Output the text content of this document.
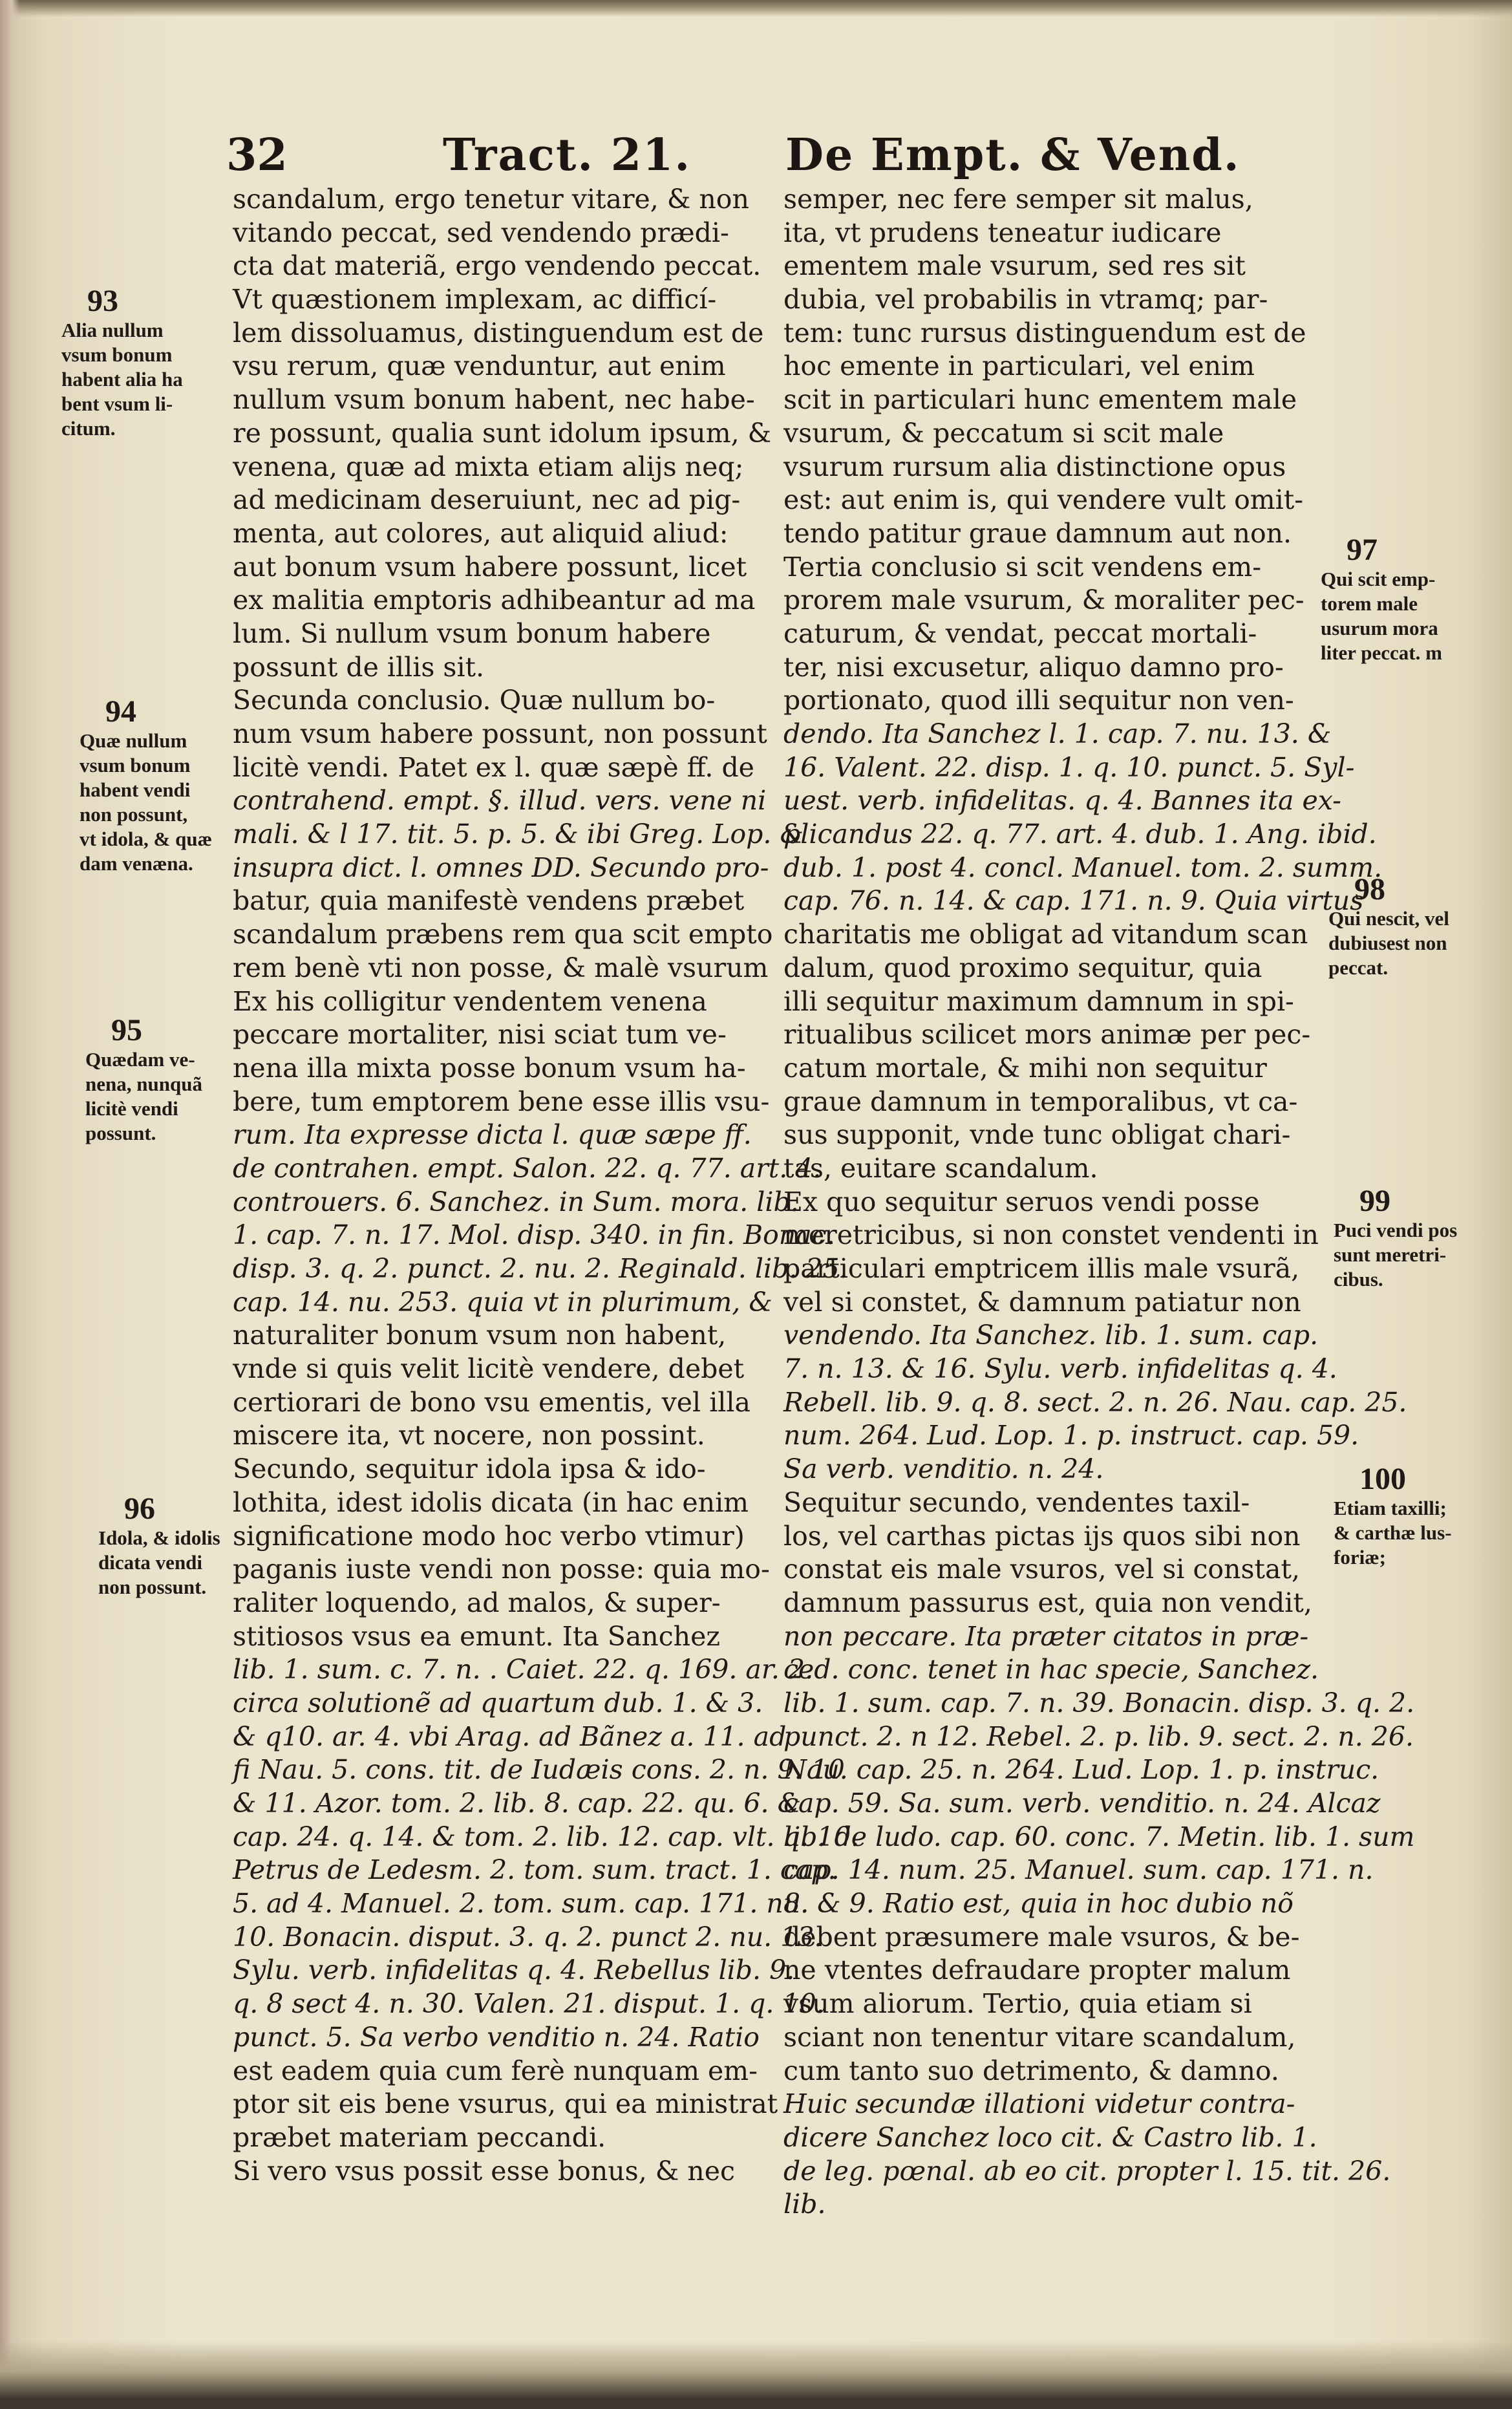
32	Tract. 21. De Empt. & Vend.
scandalum, ergo tenetur vitare, & non
vitando peccat, sed vendendo prædi-
cta dat materiã, ergo vendendo peccat.
Vt quæstionem implexam, ac difficí-
lem dissoluamus, distinguendum est de
vsu rerum, quæ venduntur, aut enim
nullum vsum bonum habent, nec habe-
re possunt, qualia sunt idolum ipsum, &
venena, quæ ad mixta etiam alijs neq;
ad medicinam deseruiunt, nec ad pig-
menta, aut colores, aut aliquid aliud:
aut bonum vsum habere possunt, licet
ex malitia emptoris adhibeantur ad ma
lum. Si nullum vsum bonum habere
possunt de illis sit.
Secunda conclusio. Quæ nullum bo-
num vsum habere possunt, non possunt
licitè vendi. Patet ex l. quæ sæpè ff. de
contrahend. empt. §. illud. vers. vene ni
mali. & l 17. tit. 5. p. 5. & ibi Greg. Lop. &
insupra dict. l. omnes DD. Secundo pro-
batur, quia manifestè vendens præbet
scandalum præbens rem qua scit empto
rem benè vti non posse, & malè vsurum
Ex his colligitur vendentem venena
peccare mortaliter, nisi sciat tum ve-
nena illa mixta posse bonum vsum ha-
bere, tum emptorem bene esse illis vsu-
rum. Ita expresse dicta l. quæ sæpe ff.
de contrahen. empt. Salon. 22. q. 77. art. 4.
controuers. 6. Sanchez. in Sum. mora. lib.
1. cap. 7. n. 17. Mol. disp. 340. in fin. Bonac.
disp. 3. q. 2. punct. 2. nu. 2. Reginald. lib. 25.
cap. 14. nu. 253. quia vt in plurimum, &
naturaliter bonum vsum non habent,
vnde si quis velit licitè vendere, debet
certiorari de bono vsu ementis, vel illa
miscere ita, vt nocere, non possint.
Secundo, sequitur idola ipsa & ido-
lothita, idest idolis dicata (in hac enim
significatione modo hoc verbo vtimur)
paganis iuste vendi non posse: quia mo-
raliter loquendo, ad malos, & super-
stitiosos vsus ea emunt. Ita Sanchez
lib. 1. sum. c. 7. n. . Caiet. 22. q. 169. ar. 2.
circa solutionẽ ad quartum dub. 1. & 3.
& q10. ar. 4. vbi Arag. ad Bãnez a. 11. ad
fi Nau. 5. cons. tit. de Iudæis cons. 2. n. 9. 10
& 11. Azor. tom. 2. lib. 8. cap. 22. qu. 6. &
cap. 24. q. 14. & tom. 2. lib. 12. cap. vlt. q. 10.
Petrus de Ledesm. 2. tom. sum. tract. 1. cap.
5. ad 4. Manuel. 2. tom. sum. cap. 171. nu.
10. Bonacin. disput. 3. q. 2. punct 2. nu. 13.
Sylu. verb. infidelitas q. 4. Rebellus lib. 9.
q. 8 sect 4. n. 30. Valen. 21. disput. 1. q. 10.
punct. 5. Sa verbo venditio n. 24. Ratio
est eadem quia cum ferè nunquam em-
ptor sit eis bene vsurus, qui ea ministrat
præbet materiam peccandi.
Si vero vsus possit esse bonus, & nec
semper, nec fere semper sit malus,
ita, vt prudens teneatur iudicare
ementem male vsurum, sed res sit
dubia, vel probabilis in vtramq; par-
tem: tunc rursus distinguendum est de
hoc emente in particulari, vel enim
scit in particulari hunc ementem male
vsurum, & peccatum si scit male
vsurum rursum alia distinctione opus
est: aut enim is, qui vendere vult omit-
tendo patitur graue damnum aut non.
Tertia conclusio si scit vendens em-
prorem male vsurum, & moraliter pec-
caturum, & vendat, peccat mortali-
ter, nisi excusetur, aliquo damno pro-
portionato, quod illi sequitur non ven-
dendo. Ita Sanchez l. 1. cap. 7. nu. 13. &
16. Valent. 22. disp. 1. q. 10. punct. 5. Syl-
uest. verb. infidelitas. q. 4. Bannes ita ex-
plicandus 22. q. 77. art. 4. dub. 1. Ang. ibid.
dub. 1. post 4. concl. Manuel. tom. 2. summ.
cap. 76. n. 14. & cap. 171. n. 9. Quia virtus
charitatis me obligat ad vitandum scan
dalum, quod proximo sequitur, quia
illi sequitur maximum damnum in spi-
ritualibus scilicet mors animæ per pec-
catum mortale, & mihi non sequitur
graue damnum in temporalibus, vt ca-
sus supponit, vnde tunc obligat chari-
tas, euitare scandalum.
Ex quo sequitur seruos vendi posse
meretricibus, si non constet vendenti in
particulari emptricem illis male vsurã,
vel si constet, & damnum patiatur non
vendendo. Ita Sanchez. lib. 1. sum. cap.
7. n. 13. & 16. Sylu. verb. infidelitas q. 4.
Rebell. lib. 9. q. 8. sect. 2. n. 26. Nau. cap. 25.
num. 264. Lud. Lop. 1. p. instruct. cap. 59.
Sa verb. venditio. n. 24.
Sequitur secundo, vendentes taxil-
los, vel carthas pictas ijs quos sibi non
constat eis male vsuros, vel si constat,
damnum passurus est, quia non vendit,
non peccare. Ita præter citatos in præ-
ced. conc. tenet in hac specie, Sanchez.
lib. 1. sum. cap. 7. n. 39. Bonacin. disp. 3. q. 2.
punct. 2. n 12. Rebel. 2. p. lib. 9. sect. 2. n. 26.
Nau. cap. 25. n. 264. Lud. Lop. 1. p. instruc.
cap. 59. Sa. sum. verb. venditio. n. 24. Alcaz
lib. de ludo. cap. 60. conc. 7. Metin. lib. 1. sum
cap. 14. num. 25. Manuel. sum. cap. 171. n.
8. & 9. Ratio est, quia in hoc dubio nõ
debent præsumere male vsuros, & be-
ne vtentes defraudare propter malum
vsum aliorum. Tertio, quia etiam si
sciant non tenentur vitare scandalum,
cum tanto suo detrimento, & damno.
Huic secundæ illationi videtur contra-
dicere Sanchez loco cit. & Castro lib. 1.
de leg. pœnal. ab eo cit. propter l. 15. tit. 26.
lib.
93
Alia nullum
vsum bonum
habent alia ha
bent vsum li-
citum.
94
Quæ nullum
vsum bonum
habent vendi
non possunt,
vt idola, & quæ
dam venæna.
95
Quædam ve-
nena, nunquã
licitè vendi
possunt.
96
Idola, & idolis
dicata vendi
non possunt.
97
Qui scit emp-
torem male
usurum mora
liter peccat. m
98
Qui nescit, vel
dubiusest non
peccat.
99
Puci vendi pos
sunt meretri-
cibus.
100
Etiam taxilli;
& carthæ lus-
foriæ;
